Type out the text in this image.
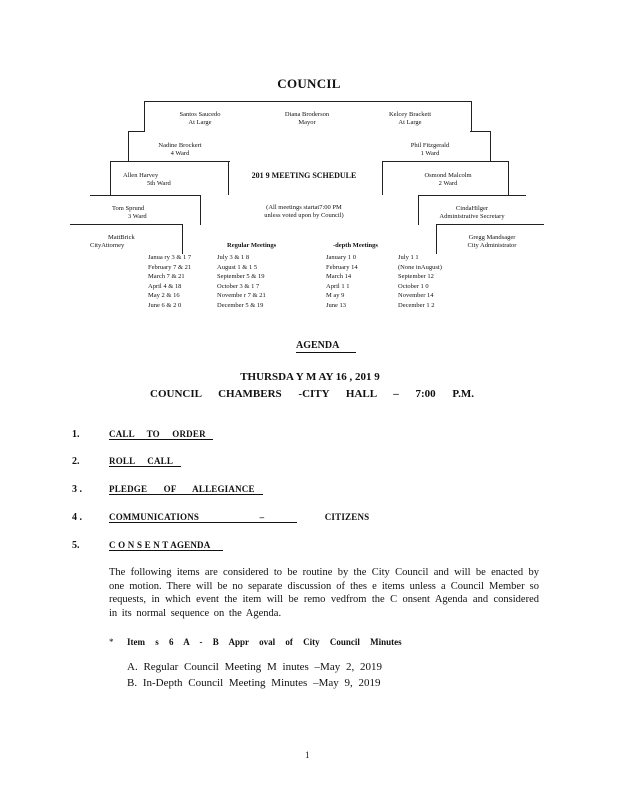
COUNCIL
Santos Saucedo
At Large
Diana Broderson
Mayor
Kelcey Brackett
At Large
Nadine Brockert
4 Ward
Allen Harvey
5th Ward
Tom Sprund
3 Ward
MattBrick
CityAttorney
Phil Fitzgerald
1 Ward
Osmond Malcolm
2 Ward
CindaHilger
Administrative Secretary
Gregg Mandsager
City Administrator
201 9 MEETING SCHEDULE
(All meetings startat7:00 PM
unless voted upon by Council)
Regular Meetings	-depth Meetings
Janua ry 3 & 1 7
February 7 & 21
March 7 & 21
April 4 & 18
May 2 & 16
June 6 & 2 0
July 3 & 1 8
August 1 & 1 5
September 5 & 19
October 3 & 1 7
Novembe r 7 & 21
December 5 & 19
January 1 0
February 14
March 14
April 1 1
M ay 9
June 13
July 1 1
(None inAugust)
September 12
October 1 0
November 14
December 1 2
AGENDA
THURSDA Y M AY 16 , 201 9
COUNCIL CHAMBERS -CITY HALL – 7:00 P.M.
1.	CALL TO ORDER
2.	ROLL CALL
3 .	PLEDGE OF ALLEGIANCE
4 .	COMMUNICATIONS – CITIZENS
5.	C O N S E N T AGENDA
The following items are considered to be routine by the City Council and will be enacted by one motion. There will be no separate discussion of thes e items unless a Council Member so requests, in which event the item will be remo vedfrom the C onsent Agenda and considered in its normal sequence on the Agenda.
* Item s 6 A - B Appr oval of City Council Minutes
A. Regular Council Meeting M inutes –May 2, 2019
B. In-Depth Council Meeting Minutes –May 9, 2019
1
